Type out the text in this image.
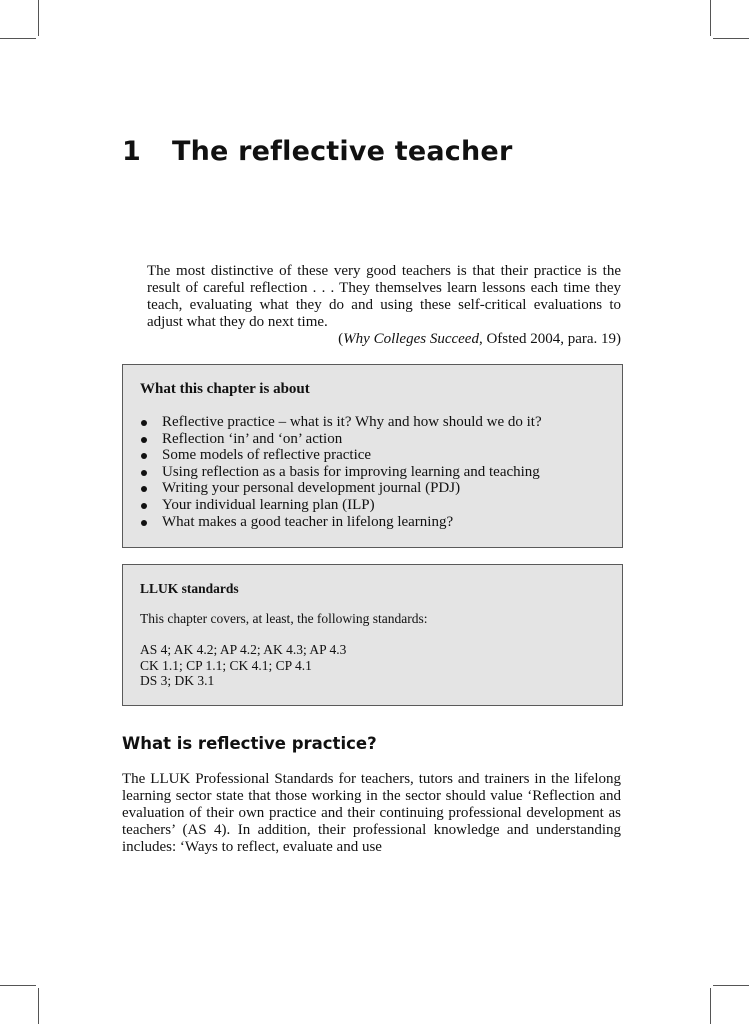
1 The reflective teacher

The most distinctive of these very good teachers is that their practice is the result of careful reflection . . . They themselves learn lessons each time they teach, evaluating what they do and using these self-critical evaluations to adjust what they do next time.

(Why Colleges Succeed, Ofsted 2004, para. 19)

What this chapter is about

Reflective practice – what is it? Why and how should we do it?
Reflection ‘in’ and ‘on’ action
Some models of reflective practice
Using reflection as a basis for improving learning and teaching
Writing your personal development journal (PDJ)
Your individual learning plan (ILP)
What makes a good teacher in lifelong learning?

LLUK standards

This chapter covers, at least, the following standards:

AS 4; AK 4.2; AP 4.2; AK 4.3; AP 4.3
CK 1.1; CP 1.1; CK 4.1; CP 4.1
DS 3; DK 3.1
What is reflective practice?

The LLUK Professional Standards for teachers, tutors and trainers in the lifelong learning sector state that those working in the sector should value ‘Reflection and evaluation of their own practice and their continuing professional development as teachers’ (AS 4). In addition, their professional knowledge and understanding includes: ‘Ways to reflect, evaluate and use
